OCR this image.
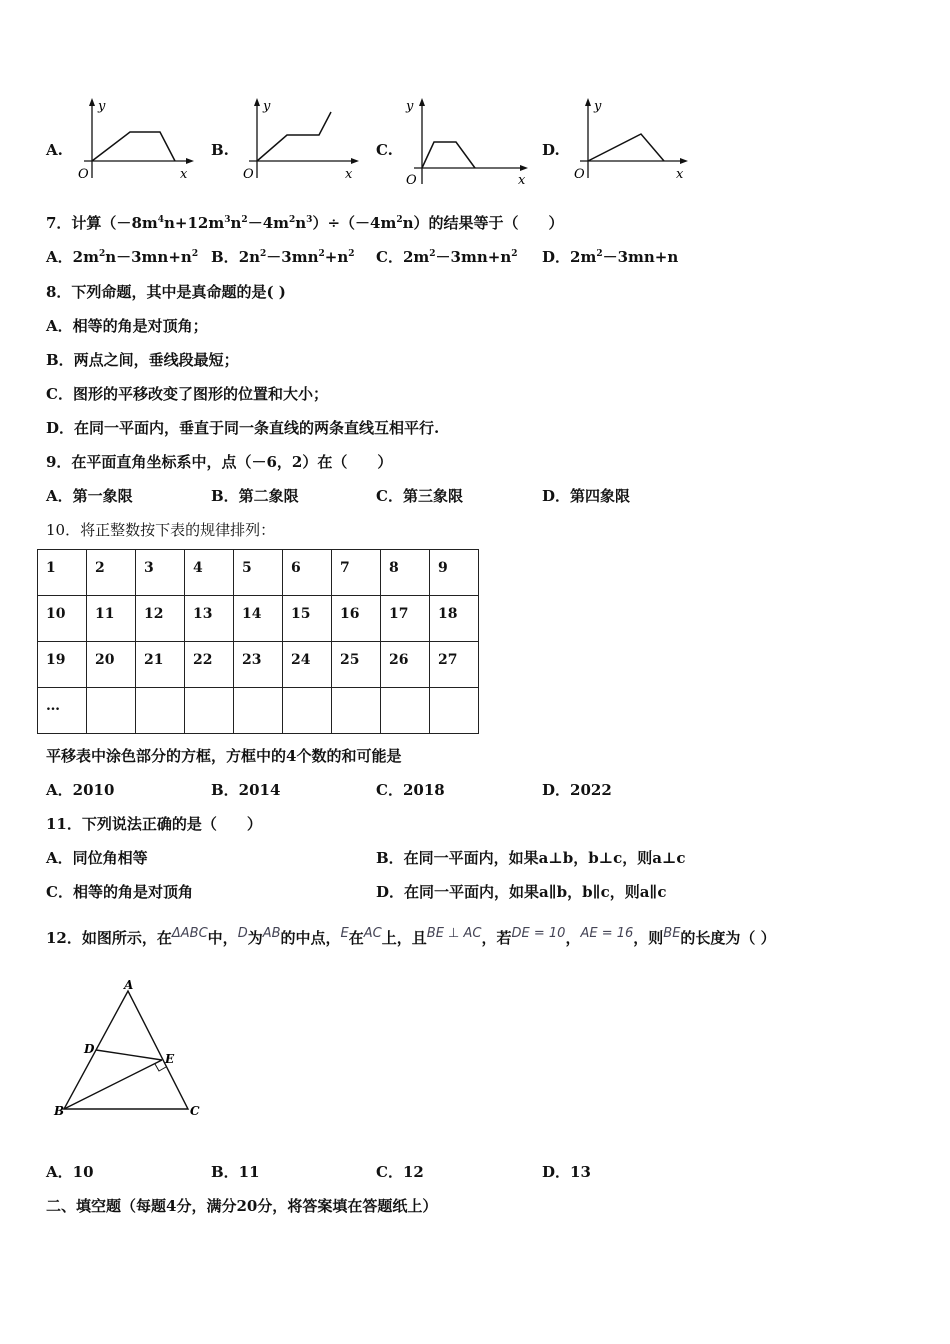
A.
y
O	x
B.
y
O	x
C.
y
O	x
D.
y
O	x
7．计算$(-8m^4n+12m^3n^2-4m^2n^3)\div(-4m^2n)$的结果等于（　　）
A．$2m^2n-3mn+n^2$ B．$2n^2-3mn^2+n^2$ C．$2m^2-3mn+n^2$ D．$2m^2-3mn+n$
8．下列命题，其中是真命题的是( )
A．相等的角是对顶角；
B．两点之间，垂线段最短；
C．图形的平移改变了图形的位置和大小；
D．在同一平面内，垂直于同一条直线的两条直线互相平行.
9．在平面直角坐标系中，点（－6，2）在（　　）
A．第一象限	B．第二象限	C．第三象限	D．第四象限
10．将正整数按下表的规律排列：
1	2	3	4	5	6	7	8	9
10	11	12	13	14	15	16	17	18
19	20	21	22	23	24	25	26	27
…								
平移表中涂色部分的方框，方框中的4个数的和可能是
A．2010	B．2014	C．2018	D．2022
11．下列说法正确的是（　　）
A．同位角相等	B．在同一平面内，如果a⊥b，b⊥c，则a⊥c
C．相等的角是对顶角	D．在同一平面内，如果a∥b，b∥c，则a∥c
12．如图所示，在ΔABC中，D为AB的中点，E在AC上，且BE ⊥ AC，若DE = 10，AE = 16，则BE的长度为（ ）
A
D
E
B	C
A．10	B．11	C．12	D．13
二、填空题（每题4分，满分20分，将答案填在答题纸上）
